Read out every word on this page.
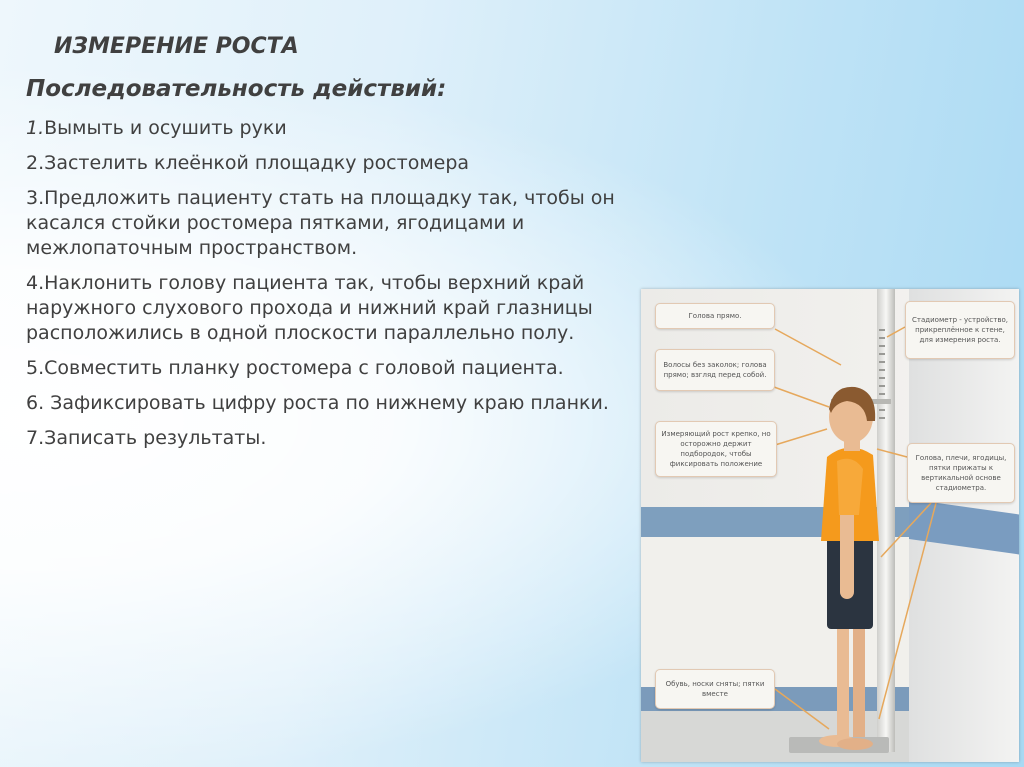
ИЗМЕРЕНИЕ РОСТА
Последовательность действий:
1.Вымыть и осушить руки
2.Застелить клеёнкой площадку ростомера
3.Предложить пациенту стать на площадку так, чтобы он касался стойки ростомера пятками, ягодицами и межлопаточным пространством.
4.Наклонить голову пациента так, чтобы верхний край наружного слухового прохода и нижний край глазницы расположились в одной плоскости параллельно полу.
5.Совместить планку ростомера с головой пациента.
6. Зафиксировать цифру роста по нижнему краю планки.
7.Записать результаты.
Голова прямо.
Волосы без заколок; голова прямо; взгляд перед собой.
Измеряющий рост крепко, но осторожно держит подбородок, чтобы фиксировать положение
Стадиометр - устройство, прикреплённое к стене, для измерения роста.
Голова, плечи, ягодицы, пятки прижаты к вертикальной основе стадиометра.
Обувь, носки сняты; пятки вместе
